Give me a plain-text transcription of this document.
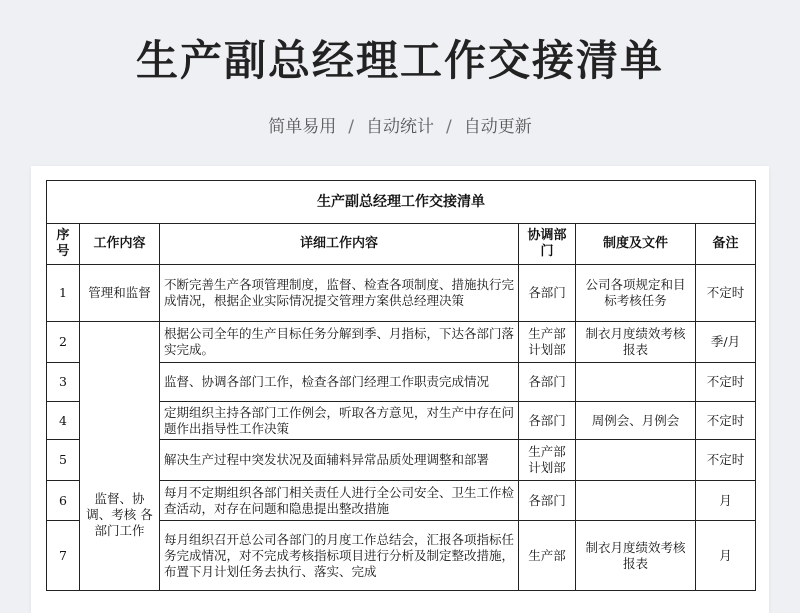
生产副总经理工作交接清单
简单易用 / 自动统计 / 自动更新
生产副总经理工作交接清单					
序号	工作内容	详细工作内容	协调部门	制度及文件	备注
1	管理和监督	不断完善生产各项管理制度，监督、检查各项制度、措施执行完成情况，根据企业实际情况提交管理方案供总经理决策	各部门	公司各项规定和目标考核任务	不定时
2	监督、协调、考核 各部门工作	根据公司全年的生产目标任务分解到季、月指标，下达各部门落实完成。	生产部计划部	制衣月度绩效考核报表	季/月
3		监督、协调各部门工作，检查各部门经理工作职责完成情况	各部门		不定时
4		定期组织主持各部门工作例会，听取各方意见，对生产中存在问题作出指导性工作决策	各部门	周例会、月例会	不定时
5		解决生产过程中突发状况及面辅料异常品质处理调整和部署	生产部计划部		不定时
6		每月不定期组织各部门相关责任人进行全公司安全、卫生工作检查活动，对存在问题和隐患提出整改措施	各部门		月
7		每月组织召开总公司各部门的月度工作总结会，汇报各项指标任务完成情况，对不完成考核指标项目进行分析及制定整改措施，布置下月计划任务去执行、落实、完成	生产部	制衣月度绩效考核报表	月
